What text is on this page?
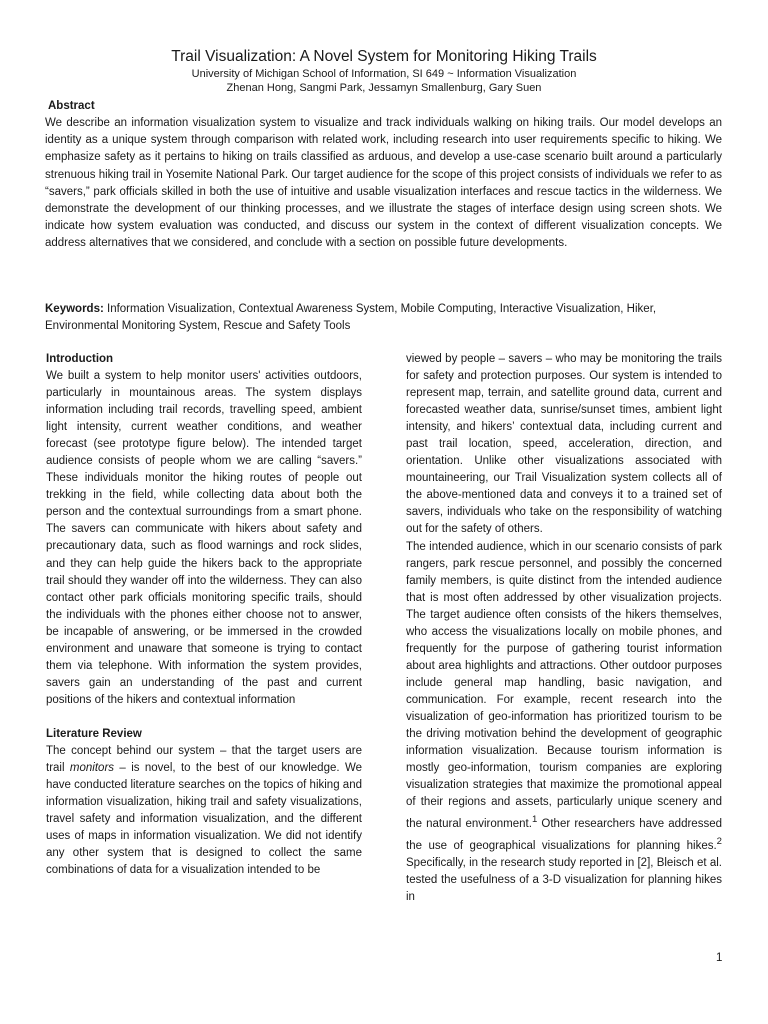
Trail Visualization: A Novel System for Monitoring Hiking Trails

University of Michigan School of Information, SI 649 ~ Information Visualization

Zhenan Hong, Sangmi Park, Jessamyn Smallenburg, Gary Suen

Abstract

We describe an information visualization system to visualize and track individuals walking on hiking trails. Our model develops an identity as a unique system through comparison with related work, including research into user requirements specific to hiking. We emphasize safety as it pertains to hiking on trails classified as arduous, and develop a use-case scenario built around a particularly strenuous hiking trail in Yosemite National Park. Our target audience for the scope of this project consists of individuals we refer to as “savers,” park officials skilled in both the use of intuitive and usable visualization interfaces and rescue tactics in the wilderness. We demonstrate the development of our thinking processes, and we illustrate the stages of interface design using screen shots. We indicate how system evaluation was conducted, and discuss our system in the context of different visualization concepts. We address alternatives that we considered, and conclude with a section on possible future developments.

Keywords: Information Visualization, Contextual Awareness System, Mobile Computing, Interactive Visualization, Hiker, Environmental Monitoring System, Rescue and Safety Tools

Introduction

We built a system to help monitor users' activities outdoors, particularly in mountainous areas. The system displays information including trail records, travelling speed, ambient light intensity, current weather conditions, and weather forecast (see prototype figure below). The intended target audience consists of people whom we are calling “savers.” These individuals monitor the hiking routes of people out trekking in the field, while collecting data about both the person and the contextual surroundings from a smart phone. The savers can communicate with hikers about safety and precautionary data, such as flood warnings and rock slides, and they can help guide the hikers back to the appropriate trail should they wander off into the wilderness. They can also contact other park officials monitoring specific trails, should the individuals with the phones either choose not to answer, be incapable of answering, or be immersed in the crowded environment and unaware that someone is trying to contact them via telephone. With information the system provides, savers gain an understanding of the past and current positions of the hikers and contextual information

Literature Review

The concept behind our system – that the target users are trail monitors – is novel, to the best of our knowledge. We have conducted literature searches on the topics of hiking and information visualization, hiking trail and safety visualizations, travel safety and information visualization, and the different uses of maps in information visualization. We did not identify any other system that is designed to collect the same combinations of data for a visualization intended to be

viewed by people – savers – who may be monitoring the trails for safety and protection purposes. Our system is intended to represent map, terrain, and satellite ground data, current and forecasted weather data, sunrise/sunset times, ambient light intensity, and hikers’ contextual data, including current and past trail location, speed, acceleration, direction, and orientation. Unlike other visualizations associated with mountaineering, our Trail Visualization system collects all of the above-mentioned data and conveys it to a trained set of savers, individuals who take on the responsibility of watching out for the safety of others.

The intended audience, which in our scenario consists of park rangers, park rescue personnel, and possibly the concerned family members, is quite distinct from the intended audience that is most often addressed by other visualization projects. The target audience often consists of the hikers themselves, who access the visualizations locally on mobile phones, and frequently for the purpose of gathering tourist information about area highlights and attractions. Other outdoor purposes include general map handling, basic navigation, and communication. For example, recent research into the visualization of geo-information has prioritized tourism to be the driving motivation behind the development of geographic information visualization. Because tourism information is mostly geo-information, tourism companies are exploring visualization strategies that maximize the promotional appeal of their regions and assets, particularly unique scenery and the natural environment.$^1$ Other researchers have addressed the use of geographical visualizations for planning hikes.$^2$ Specifically, in the research study reported in [2], Bleisch et al. tested the usefulness of a 3-D visualization for planning hikes in

1
